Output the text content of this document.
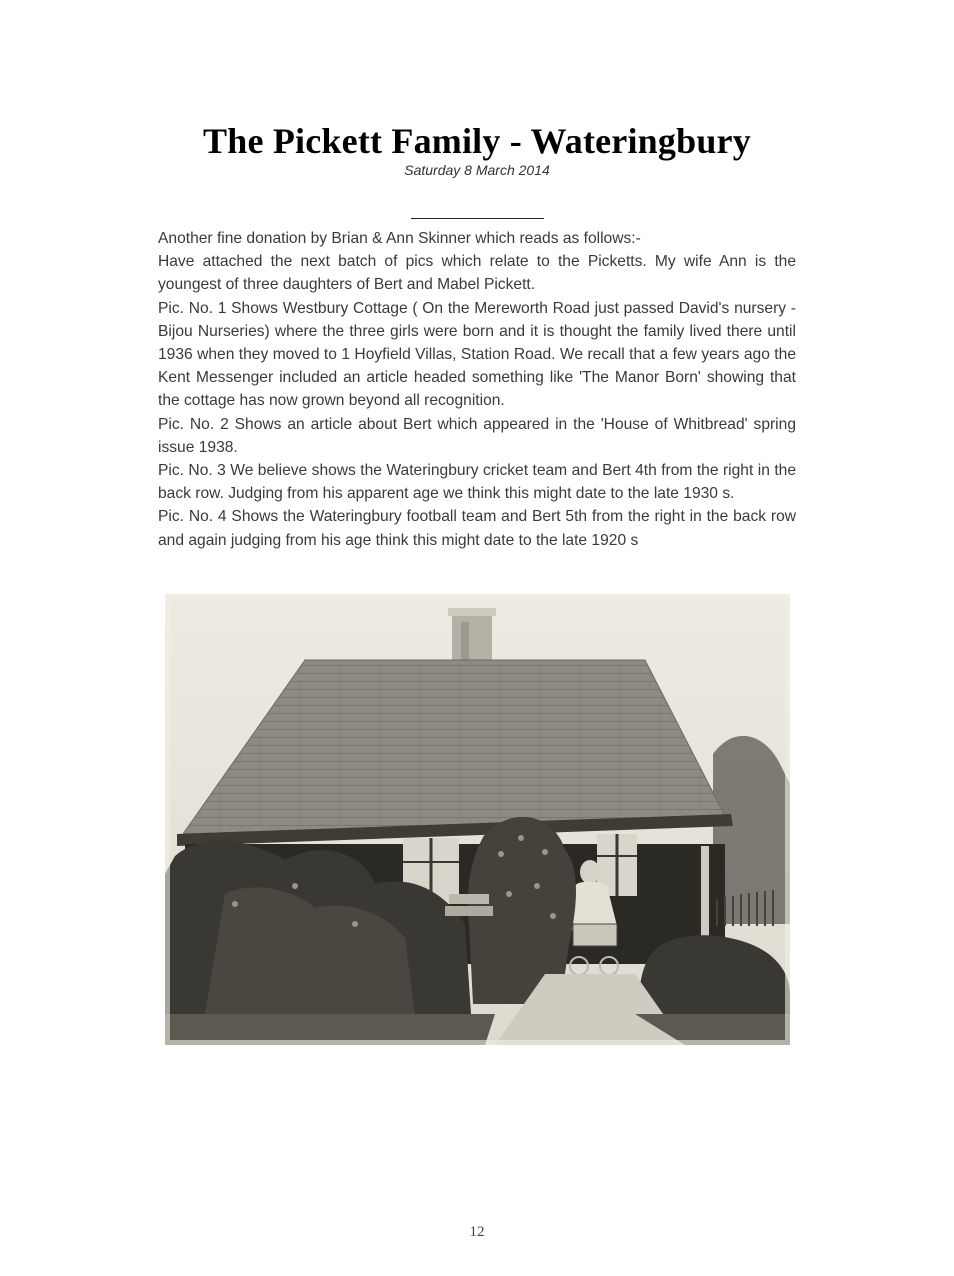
The Pickett Family - Wateringbury
Saturday 8 March 2014

Another fine donation by Brian & Ann Skinner which reads as follows:-

Have attached the next batch of pics which relate to the Picketts. My wife Ann is the youngest of three daughters of Bert and Mabel Pickett.

Pic. No. 1 Shows Westbury Cottage ( On the Mereworth Road just passed David's nursery - Bijou Nurseries) where the three girls were born and it is thought the family lived there until 1936 when they moved to 1 Hoyfield Villas, Station Road. We recall that a few years ago the Kent Messenger included an article headed something like 'The Manor Born' showing that the cottage has now grown beyond all recognition.

Pic. No. 2 Shows an article about Bert which appeared in the 'House of Whitbread' spring issue 1938.

Pic. No. 3 We believe shows the Wateringbury cricket team and Bert 4th from the right in the back row. Judging from his apparent age we think this might date to the late 1930 s.

Pic. No. 4 Shows the Wateringbury football team and Bert 5th from the right in the back row and again judging from his age think this might date to the late 1920 s

12
